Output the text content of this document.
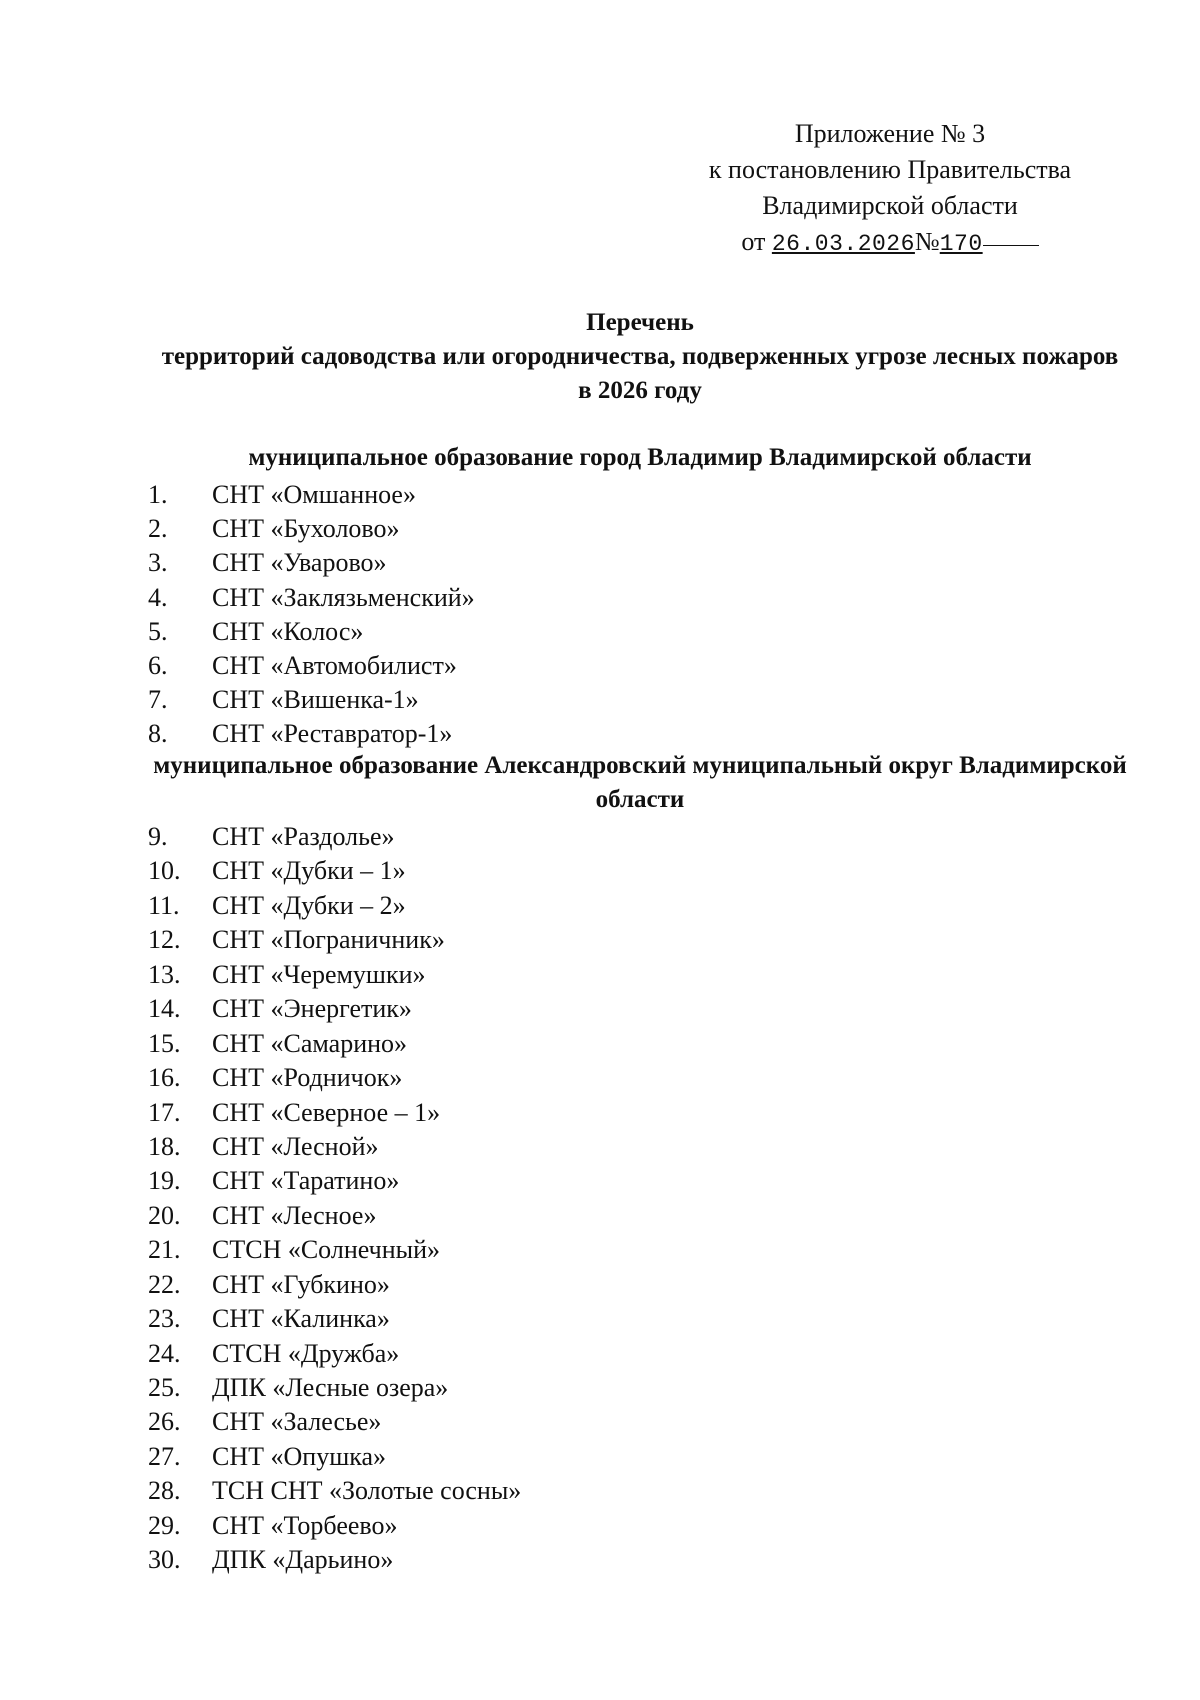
Приложение № 3
к постановлению Правительства
Владимирской области
от 26.03.2026№170
Перечень
территорий садоводства или огородничества, подверженных угрозе лесных пожаров в 2026 году
муниципальное образование город Владимир Владимирской области
1. СНТ «Омшанное»
2. СНТ «Бухолово»
3. СНТ «Уварово»
4. СНТ «Заклязьменский»
5. СНТ «Колос»
6. СНТ «Автомобилист»
7. СНТ «Вишенка-1»
8. СНТ «Реставратор-1»
муниципальное образование Александровский муниципальный округ Владимирской области
9. СНТ «Раздолье»
10. СНТ «Дубки – 1»
11. СНТ «Дубки – 2»
12. СНТ «Пограничник»
13. СНТ «Черемушки»
14. СНТ «Энергетик»
15. СНТ «Самарино»
16. СНТ «Родничок»
17. СНТ «Северное – 1»
18. СНТ «Лесной»
19. СНТ «Таратино»
20. СНТ «Лесное»
21. СТСН «Солнечный»
22. СНТ «Губкино»
23. СНТ «Калинка»
24. СТСН «Дружба»
25. ДПК «Лесные озера»
26. СНТ «Залесье»
27. СНТ «Опушка»
28. ТСН СНТ «Золотые сосны»
29. СНТ «Торбеево»
30. ДПК «Дарьино»
